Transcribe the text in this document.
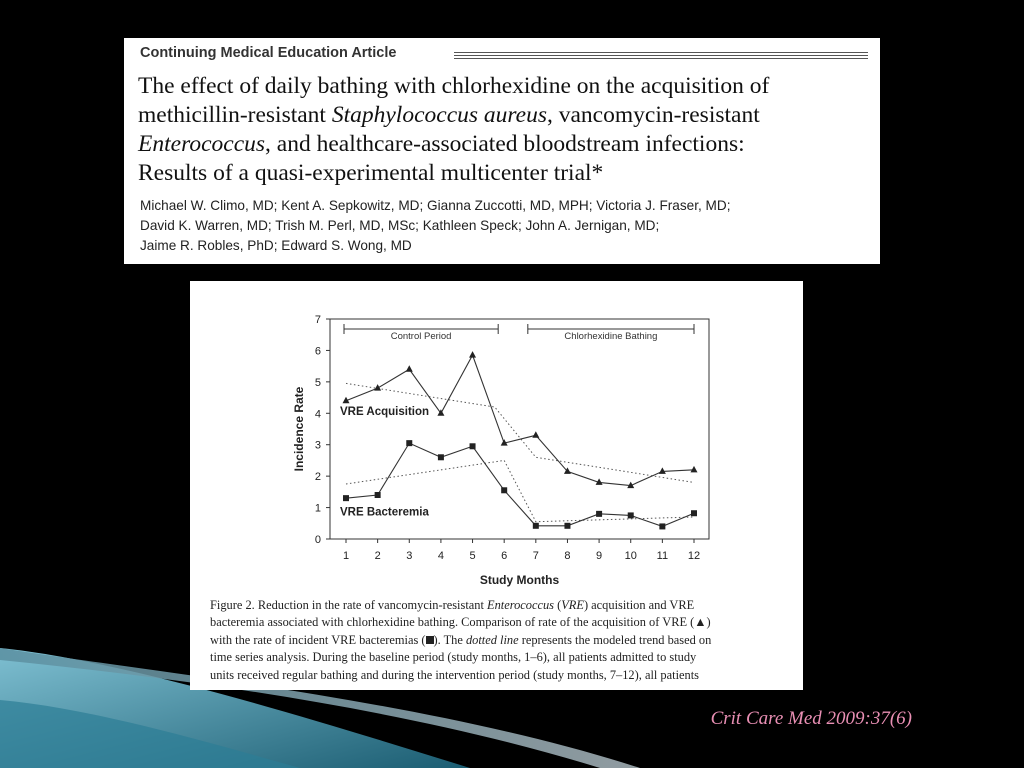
Continuing Medical Education Article
The effect of daily bathing with chlorhexidine on the acquisition of
methicillin-resistant Staphylococcus aureus, vancomycin-resistant
Enterococcus, and healthcare-associated bloodstream infections:
Results of a quasi-experimental multicenter trial*
Michael W. Climo, MD; Kent A. Sepkowitz, MD; Gianna Zuccotti, MD, MPH; Victoria J. Fraser, MD;
David K. Warren, MD; Trish M. Perl, MD, MSc; Kathleen Speck; John A. Jernigan, MD;
Jaime R. Robles, PhD; Edward S. Wong, MD
0
1
2
3
4
5
6
7
1 2 3 4 5 6 7 8 9 10 11 12
Study Months
Incidence Rate
Control Period	Chlorhexidine Bathing
VRE Acquisition
VRE Bacteremia
Figure 2. Reduction in the rate of vancomycin-resistant Enterococcus (VRE) acquisition and VRE
bacteremia associated with chlorhexidine bathing. Comparison of rate of the acquisition of VRE (▲)
with the rate of incident VRE bacteremias ( ). The dotted line represents the modeled trend based on
time series analysis. During the baseline period (study months, 1–6), all patients admitted to study
units received regular bathing and during the intervention period (study months, 7–12), all patients
Crit Care Med 2009:37(6)
